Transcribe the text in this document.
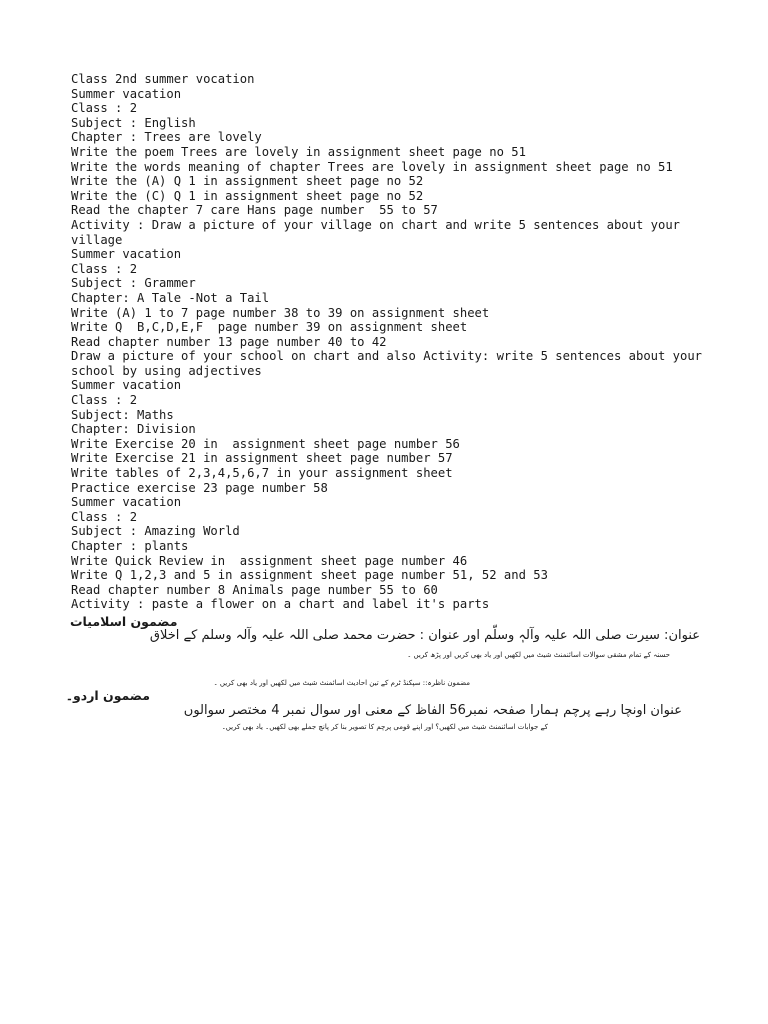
Class 2nd summer vocation
Summer vacation
Class : 2
Subject : English
Chapter : Trees are lovely
Write the poem Trees are lovely in assignment sheet page no 51
Write the words meaning of chapter Trees are lovely in assignment sheet page no 51
Write the (A) Q 1 in assignment sheet page no 52
Write the (C) Q 1 in assignment sheet page no 52
Read the chapter 7 care Hans page number  55 to 57
Activity : Draw a picture of your village on chart and write 5 sentences about your village
Summer vacation
Class : 2
Subject : Grammer
Chapter: A Tale -Not a Tail
Write (A) 1 to 7 page number 38 to 39 on assignment sheet
Write Q  B,C,D,E,F  page number 39 on assignment sheet
Read chapter number 13 page number 40 to 42
Draw a picture of your school on chart and also Activity: write 5 sentences about your school by using adjectives
Summer vacation
Class : 2
Subject: Maths
Chapter: Division
Write Exercise 20 in  assignment sheet page number 56
Write Exercise 21 in assignment sheet page number 57
Write tables of 2,3,4,5,6,7 in your assignment sheet
Practice exercise 23 page number 58
Summer vacation
Class : 2
Subject : Amazing World
Chapter : plants
Write Quick Review in  assignment sheet page number 46
Write Q 1,2,3 and 5 in assignment sheet page number 51, 52 and 53
Read chapter number 8 Animals page number 55 to 60
Activity : paste a flower on a chart and label it's parts
مضمون اسلامیات
عنوان: سیرت صلی اللہ علیہ وآلہٖ وسلّم اور عنوان : حضرت محمد صلی اللہ علیہ وآلہ وسلم کے اخلاق
حسنہ کے تمام مشقی سوالات اسائنمنٹ شیٹ میں لکھیں اور یاد بھی کریں اور پڑھ کریں ۔
مضمون ناظرہ:: سپکنڈ ٹرم کے تین احادیث اسائمنٹ شیٹ میں لکھیں اور یاد بھی کریں ۔
مضمون اردو۔
عنوان اونچا رہے پرچم ہمارا صفحہ نمبر56 الفاظ کے معنی اور سوال نمبر 4 مختصر سوالوں
کے جوابات اسائنمنٹ شیٹ میں لکھیں؟ اور اپنے قومی پرچم کا تصویر بنا کر پانچ جملے بھی لکھیں۔ یاد بھی کریں۔
